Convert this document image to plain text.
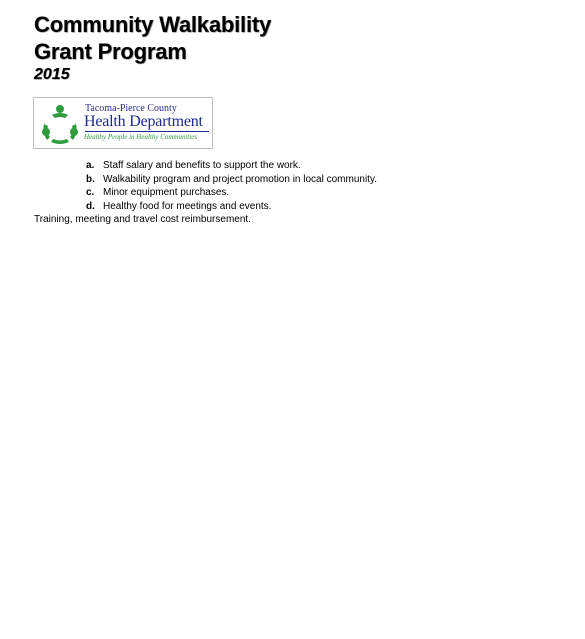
Community Walkability
Grant Program
2015
Tacoma-Pierce County
Health Department
Healthy People in Healthy Communities
a. Staff salary and benefits to support the work.
b. Walkability program and project promotion in local community.
c. Minor equipment purchases.
d. Healthy food for meetings and events.
Training, meeting and travel cost reimbursement.
